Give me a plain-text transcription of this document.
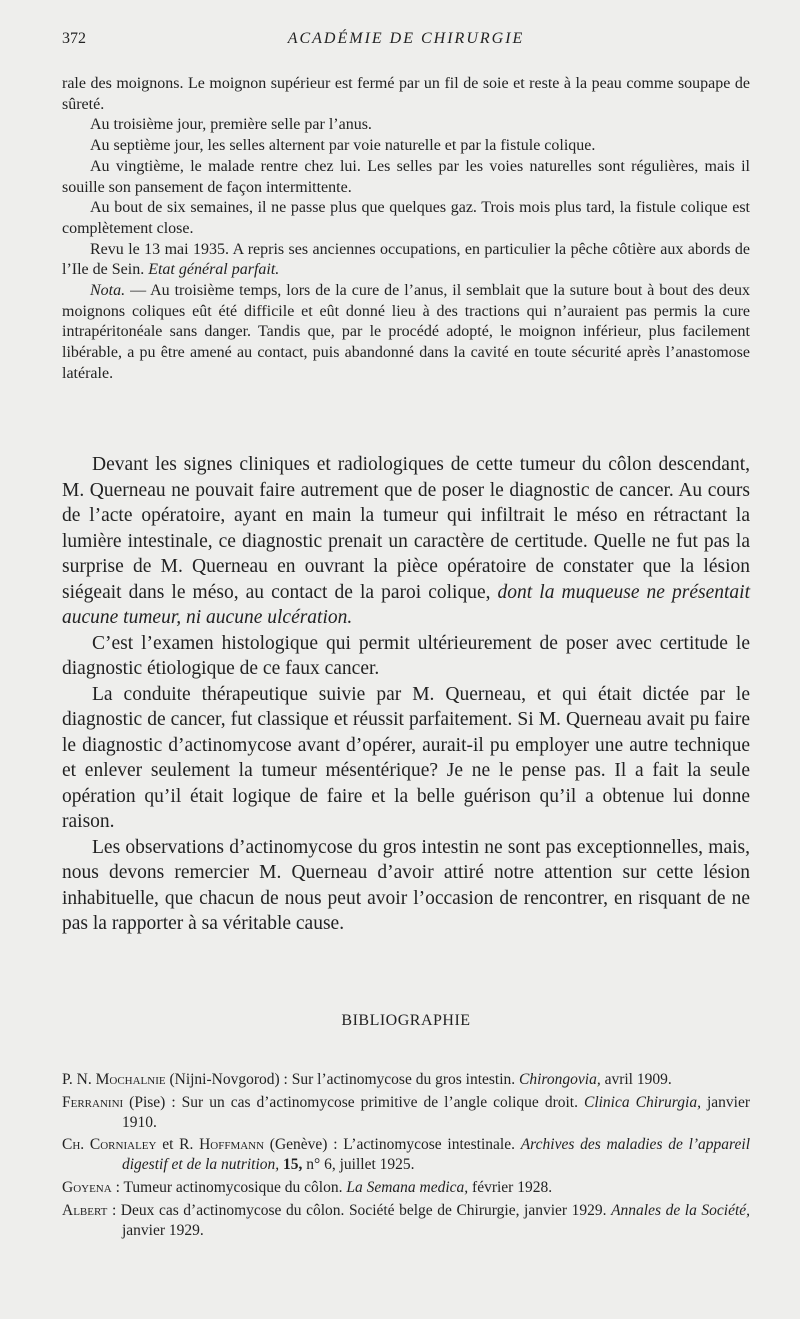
372	ACADÉMIE DE CHIRURGIE

rale des moignons. Le moignon supérieur est fermé par un fil de soie et reste à la peau comme soupape de sûreté.

Au troisième jour, première selle par l’anus.

Au septième jour, les selles alternent par voie naturelle et par la fistule colique.

Au vingtième, le malade rentre chez lui. Les selles par les voies naturelles sont régulières, mais il souille son pansement de façon intermittente.

Au bout de six semaines, il ne passe plus que quelques gaz. Trois mois plus tard, la fistule colique est complètement close.

Revu le 13 mai 1935. A repris ses anciennes occupations, en particulier la pêche côtière aux abords de l’Ile de Sein. Etat général parfait.

Nota. — Au troisième temps, lors de la cure de l’anus, il semblait que la suture bout à bout des deux moignons coliques eût été difficile et eût donné lieu à des tractions qui n’auraient pas permis la cure intrapéritonéale sans danger. Tandis que, par le procédé adopté, le moignon inférieur, plus facilement libérable, a pu être amené au contact, puis abandonné dans la cavité en toute sécurité après l’anastomose latérale.

Devant les signes cliniques et radiologiques de cette tumeur du côlon descendant, M. Querneau ne pouvait faire autrement que de poser le diagnostic de cancer. Au cours de l’acte opératoire, ayant en main la tumeur qui infiltrait le méso en rétractant la lumière intestinale, ce diagnostic prenait un caractère de certitude. Quelle ne fut pas la surprise de M. Querneau en ouvrant la pièce opératoire de constater que la lésion siégeait dans le méso, au contact de la paroi colique, dont la muqueuse ne présentait aucune tumeur, ni aucune ulcération.

C’est l’examen histologique qui permit ultérieurement de poser avec certitude le diagnostic étiologique de ce faux cancer.

La conduite thérapeutique suivie par M. Querneau, et qui était dictée par le diagnostic de cancer, fut classique et réussit parfaitement. Si M. Querneau avait pu faire le diagnostic d’actinomycose avant d’opérer, aurait-il pu employer une autre technique et enlever seulement la tumeur mésentérique? Je ne le pense pas. Il a fait la seule opération qu’il était logique de faire et la belle guérison qu’il a obtenue lui donne raison.

Les observations d’actinomycose du gros intestin ne sont pas exceptionnelles, mais, nous devons remercier M. Querneau d’avoir attiré notre attention sur cette lésion inhabituelle, que chacun de nous peut avoir l’occasion de rencontrer, en risquant de ne pas la rapporter à sa véritable cause.

BIBLIOGRAPHIE

P. N. Mochalnie (Nijni-Novgorod) : Sur l’actinomycose du gros intestin. Chirongovia, avril 1909.

Ferranini (Pise) : Sur un cas d’actinomycose primitive de l’angle colique droit. Clinica Chirurgia, janvier 1910.

Ch. Cornialey et R. Hoffmann (Genève) : L’actinomycose intestinale. Archives des maladies de l’appareil digestif et de la nutrition, 15, n° 6, juillet 1925.

Goyena : Tumeur actinomycosique du côlon. La Semana medica, février 1928.

Albert : Deux cas d’actinomycose du côlon. Société belge de Chirurgie, janvier 1929. Annales de la Société, janvier 1929.
